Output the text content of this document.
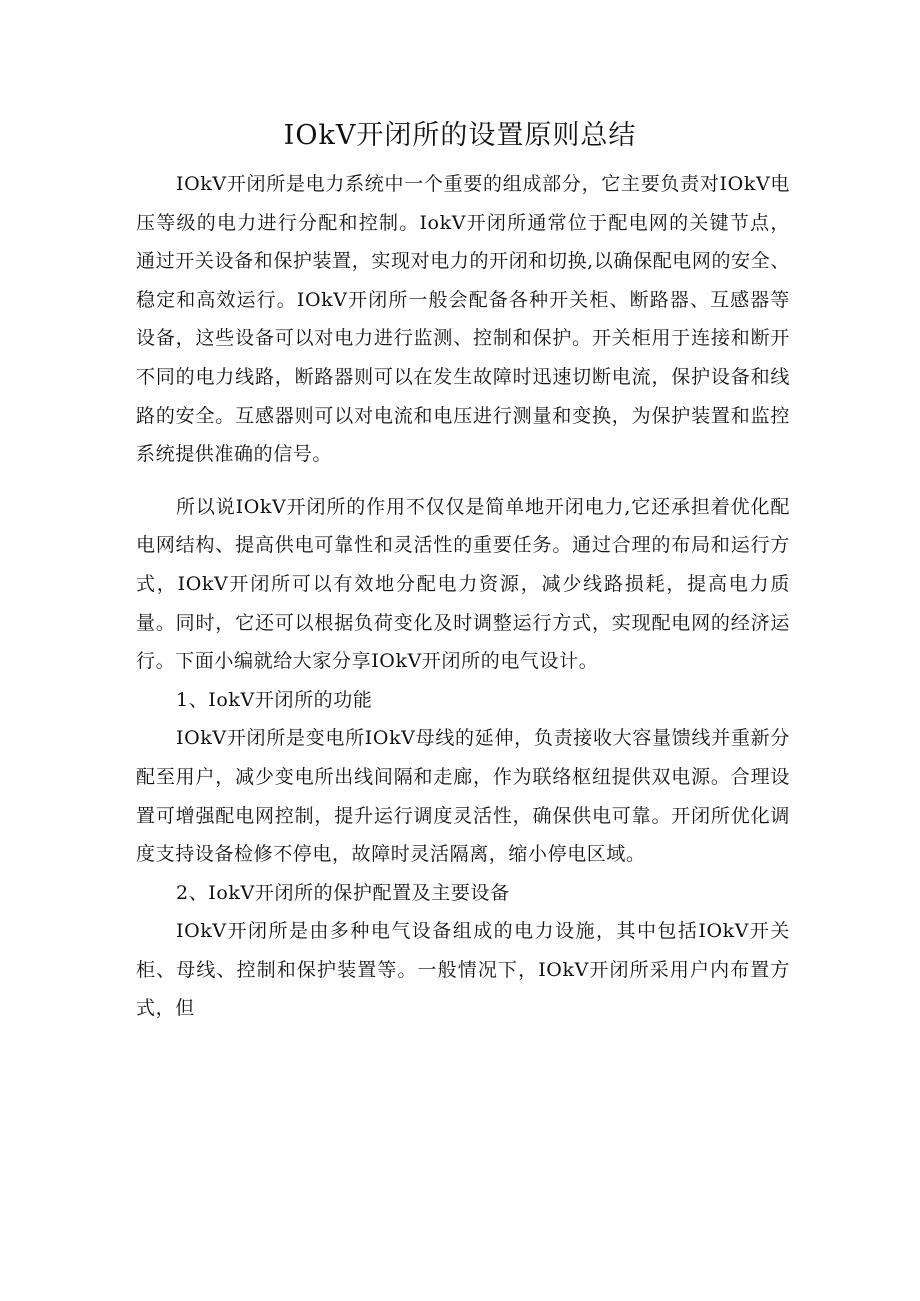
IOkV开闭所的设置原则总结

IOkV开闭所是电力系统中一个重要的组成部分，它主要负责对IOkV电压等级的电力进行分配和控制。IokV开闭所通常位于配电网的关键节点，通过开关设备和保护装置，实现对电力的开闭和切换,以确保配电网的安全、稳定和高效运行。IOkV开闭所一般会配备各种开关柜、断路器、互感器等设备，这些设备可以对电力进行监测、控制和保护。开关柜用于连接和断开不同的电力线路，断路器则可以在发生故障时迅速切断电流，保护设备和线路的安全。互感器则可以对电流和电压进行测量和变换，为保护装置和监控系统提供准确的信号。

所以说IOkV开闭所的作用不仅仅是简单地开闭电力,它还承担着优化配电网结构、提高供电可靠性和灵活性的重要任务。通过合理的布局和运行方式，IOkV开闭所可以有效地分配电力资源，减少线路损耗，提高电力质量。同时，它还可以根据负荷变化及时调整运行方式，实现配电网的经济运行。下面小编就给大家分享IOkV开闭所的电气设计。

1、IokV开闭所的功能

IOkV开闭所是变电所IOkV母线的延伸，负责接收大容量馈线并重新分配至用户，减少变电所出线间隔和走廊，作为联络枢纽提供双电源。合理设置可增强配电网控制，提升运行调度灵活性，确保供电可靠。开闭所优化调度支持设备检修不停电，故障时灵活隔离，缩小停电区域。

2、IokV开闭所的保护配置及主要设备

IOkV开闭所是由多种电气设备组成的电力设施，其中包括IOkV开关柜、母线、控制和保护装置等。一般情况下，IOkV开闭所采用户内布置方式，但
